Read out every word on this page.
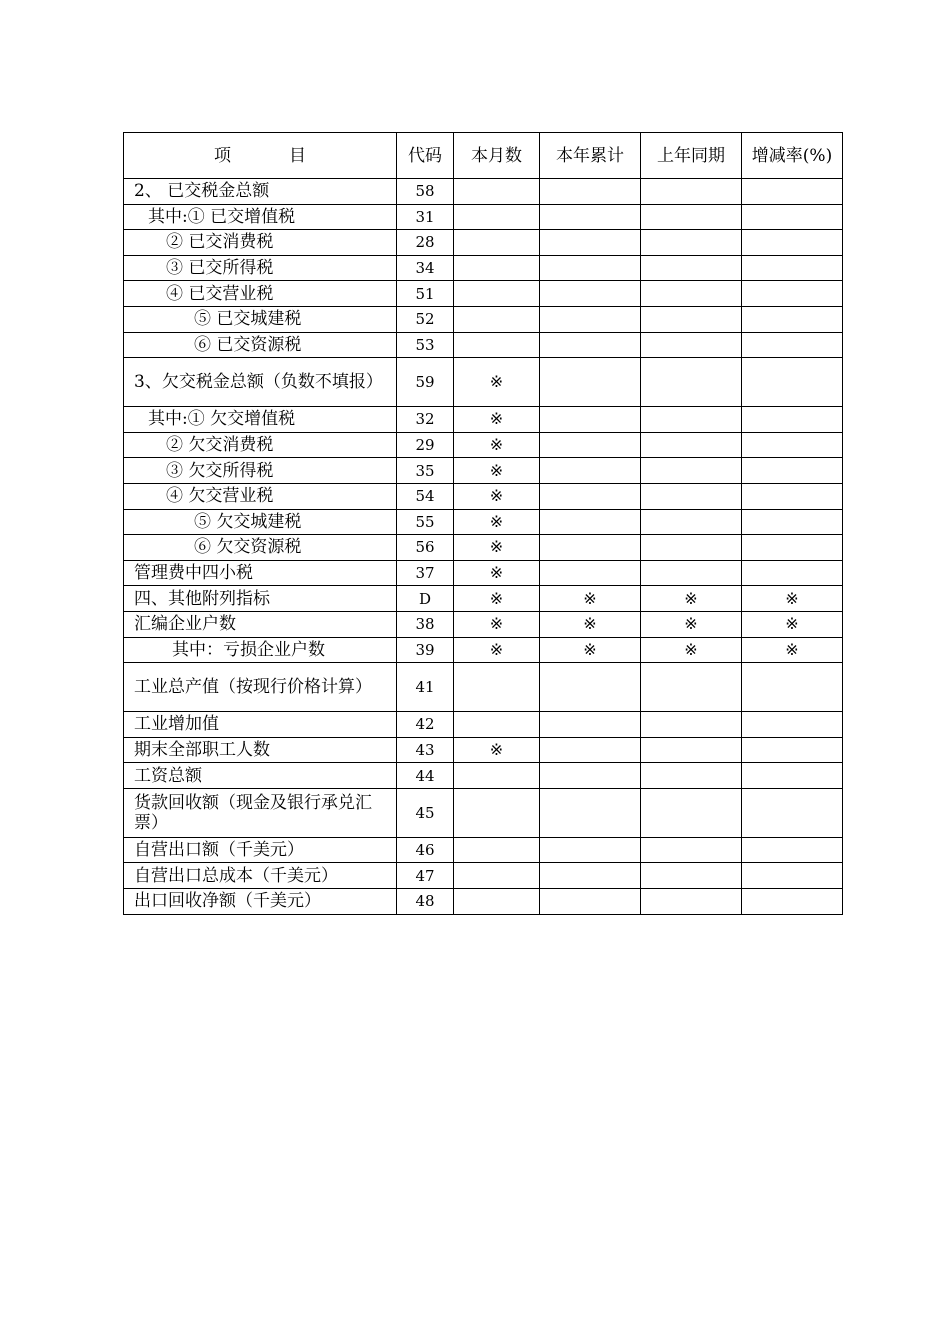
项 目	代码	本月数	本年累计	上年同期	增减率(%)
2、 已交税金总额	58				
其中:① 已交增值税	31				
② 已交消费税	28				
③ 已交所得税	34				
④ 已交营业税	51				
⑤ 已交城建税	52				
⑥ 已交资源税	53				
3、欠交税金总额（负数不填报）	59	※			
其中:① 欠交增值税	32	※			
② 欠交消费税	29	※			
③ 欠交所得税	35	※			
④ 欠交营业税	54	※			
⑤ 欠交城建税	55	※			
⑥ 欠交资源税	56	※			
管理费中四小税	37	※			
四、其他附列指标	D	※	※	※	※
汇编企业户数	38	※	※	※	※
其中：亏损企业户数	39	※	※	※	※
工业总产值（按现行价格计算）	41				
工业增加值	42				
期末全部职工人数	43	※			
工资总额	44				
货款回收额（现金及银行承兑汇票）	45				
自营出口额（千美元）	46				
自营出口总成本（千美元）	47				
出口回收净额（千美元）	48				
